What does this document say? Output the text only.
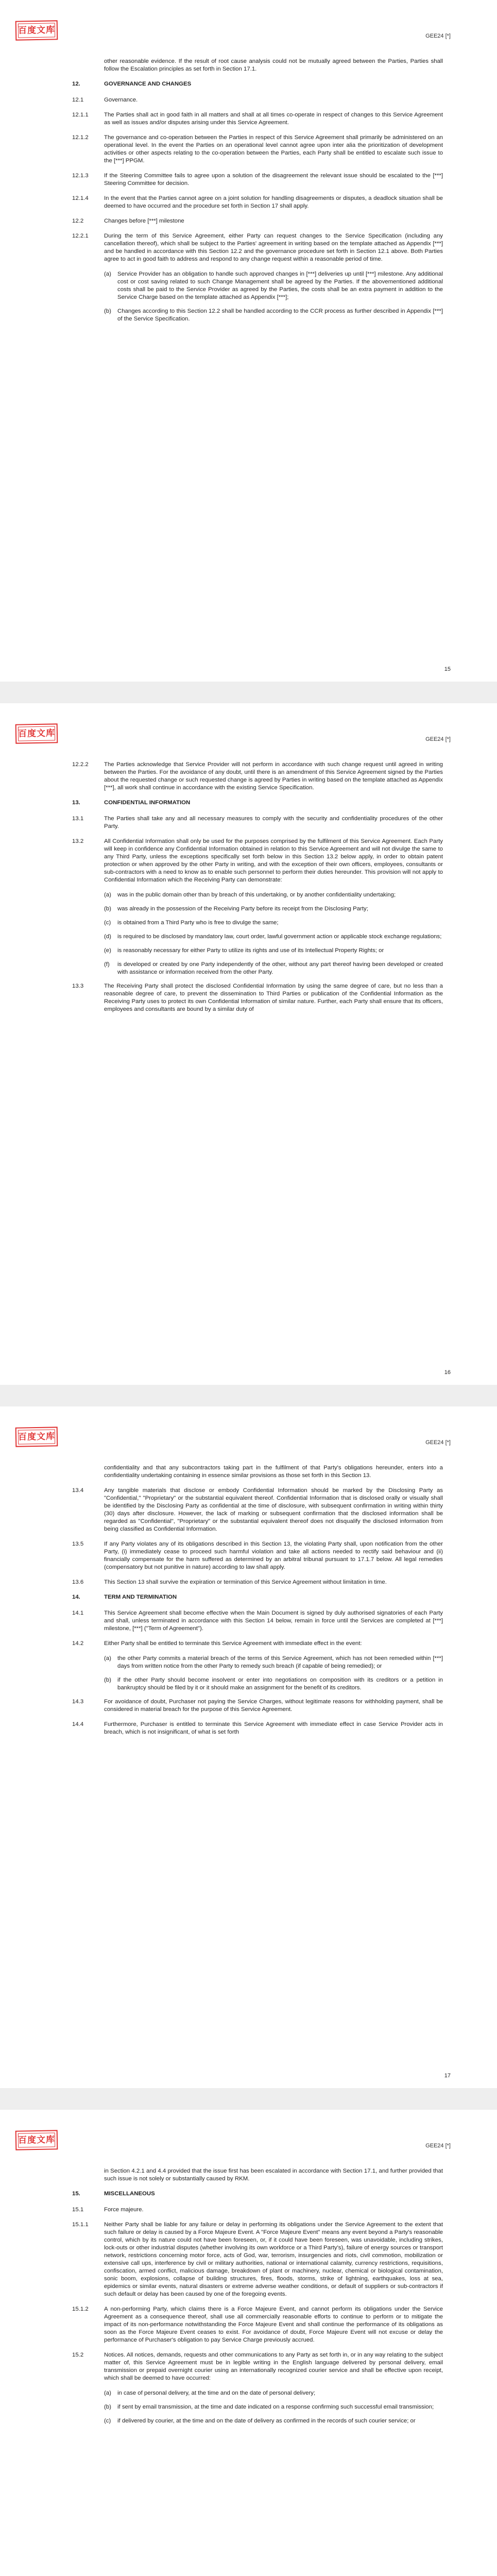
百度文库
GEE24 [*]
other reasonable evidence. If the result of root cause analysis could not be mutually agreed between the Parties, Parties shall follow the Escalation principles as set forth in Section 17.1.
12.	GOVERNANCE AND CHANGES
12.1	Governance.
12.1.1	The Parties shall act in good faith in all matters and shall at all times co-operate in respect of changes to this Service Agreement as well as issues and/or disputes arising under this Service Agreement.
12.1.2	The governance and co-operation between the Parties in respect of this Service Agreement shall primarily be administered on an operational level. In the event the Parties on an operational level cannot agree upon inter alia the prioritization of development activities or other aspects relating to the co-operation between the Parties, each Party shall be entitled to escalate such issue to the [***] PPGM.
12.1.3	If the Steering Committee fails to agree upon a solution of the disagreement the relevant issue should be escalated to the [***] Steering Committee for decision.
12.1.4	In the event that the Parties cannot agree on a joint solution for handling disagreements or disputes, a deadlock situation shall be deemed to have occurred and the procedure set forth in Section 17 shall apply.
12.2	Changes before [***] milestone
12.2.1	During the term of this Service Agreement, either Party can request changes to the Service Specification (including any cancellation thereof), which shall be subject to the Parties' agreement in writing based on the template attached as Appendix [***] and be handled in accordance with this Section 12.2 and the governance procedure set forth in Section 12.1 above. Both Parties agree to act in good faith to address and respond to any change request within a reasonable period of time.
(a)	Service Provider has an obligation to handle such approved changes in [***] deliveries up until [***] milestone. Any additional cost or cost saving related to such Change Management shall be agreed by the Parties. If the abovementioned additional costs shall be paid to the Service Provider as agreed by the Parties, the costs shall be an extra payment in addition to the Service Charge based on the template attached as Appendix [***];
(b)	Changes according to this Section 12.2 shall be handled according to the CCR process as further described in Appendix [***] of the Service Specification.
15
百度文库
GEE24 [*]
12.2.2	The Parties acknowledge that Service Provider will not perform in accordance with such change request until agreed in writing between the Parties. For the avoidance of any doubt, until there is an amendment of this Service Agreement signed by the Parties about the requested change or such requested change is agreed by Parties in writing based on the template attached as Appendix [***], all work shall continue in accordance with the existing Service Specification.
13.	CONFIDENTIAL INFORMATION
13.1	The Parties shall take any and all necessary measures to comply with the security and confidentiality procedures of the other Party.
13.2	All Confidential Information shall only be used for the purposes comprised by the fulfilment of this Service Agreement. Each Party will keep in confidence any Confidential Information obtained in relation to this Service Agreement and will not divulge the same to any Third Party, unless the exceptions specifically set forth below in this Section 13.2 below apply, in order to obtain patent protection or when approved by the other Party in writing, and with the exception of their own officers, employees, consultants or sub-contractors with a need to know as to enable such personnel to perform their duties hereunder. This provision will not apply to Confidential Information which the Receiving Party can demonstrate:
(a)	was in the public domain other than by breach of this undertaking, or by another confidentiality undertaking;
(b)	was already in the possession of the Receiving Party before its receipt from the Disclosing Party;
(c)	is obtained from a Third Party who is free to divulge the same;
(d)	is required to be disclosed by mandatory law, court order, lawful government action or applicable stock exchange regulations;
(e)	is reasonably necessary for either Party to utilize its rights and use of its Intellectual Property Rights; or
(f)	is developed or created by one Party independently of the other, without any part thereof having been developed or created with assistance or information received from the other Party.
13.3	The Receiving Party shall protect the disclosed Confidential Information by using the same degree of care, but no less than a reasonable degree of care, to prevent the dissemination to Third Parties or publication of the Confidential Information as the Receiving Party uses to protect its own Confidential Information of similar nature. Further, each Party shall ensure that its officers, employees and consultants are bound by a similar duty of
16
百度文库
GEE24 [*]
confidentiality and that any subcontractors taking part in the fulfilment of that Party's obligations hereunder, enters into a confidentiality undertaking containing in essence similar provisions as those set forth in this Section 13.
13.4	Any tangible materials that disclose or embody Confidential Information should be marked by the Disclosing Party as "Confidential," "Proprietary" or the substantial equivalent thereof. Confidential Information that is disclosed orally or visually shall be identified by the Disclosing Party as confidential at the time of disclosure, with subsequent confirmation in writing within thirty (30) days after disclosure. However, the lack of marking or subsequent confirmation that the disclosed information shall be regarded as "Confidential", "Proprietary" or the substantial equivalent thereof does not disqualify the disclosed information from being classified as Confidential Information.
13.5	If any Party violates any of its obligations described in this Section 13, the violating Party shall, upon notification from the other Party, (i) immediately cease to proceed such harmful violation and take all actions needed to rectify said behaviour and (ii) financially compensate for the harm suffered as determined by an arbitral tribunal pursuant to 17.1.7 below. All legal remedies (compensatory but not punitive in nature) according to law shall apply.
13.6	This Section 13 shall survive the expiration or termination of this Service Agreement without limitation in time.
14.	TERM AND TERMINATION
14.1	This Service Agreement shall become effective when the Main Document is signed by duly authorised signatories of each Party and shall, unless terminated in accordance with this Section 14 below, remain in force until the Services are completed at [***] milestone, [***] ("Term of Agreement").
14.2	Either Party shall be entitled to terminate this Service Agreement with immediate effect in the event:
(a)	the other Party commits a material breach of the terms of this Service Agreement, which has not been remedied within [***] days from written notice from the other Party to remedy such breach (if capable of being remedied); or
(b)	if the other Party should become insolvent or enter into negotiations on composition with its creditors or a petition in bankruptcy should be filed by it or it should make an assignment for the benefit of its creditors.
14.3	For avoidance of doubt, Purchaser not paying the Service Charges, without legitimate reasons for withholding payment, shall be considered in material breach for the purpose of this Service Agreement.
14.4	Furthermore, Purchaser is entitled to terminate this Service Agreement with immediate effect in case Service Provider acts in breach, which is not insignificant, of what is set forth
17
百度文库
GEE24 [*]
in Section 4.2.1 and 4.4 provided that the issue first has been escalated in accordance with Section 17.1, and further provided that such issue is not solely or substantially caused by RKM.
15.	MISCELLANEOUS
15.1	Force majeure.
15.1.1	Neither Party shall be liable for any failure or delay in performing its obligations under the Service Agreement to the extent that such failure or delay is caused by a Force Majeure Event. A "Force Majeure Event" means any event beyond a Party's reasonable control, which by its nature could not have been foreseen, or, if it could have been foreseen, was unavoidable, including strikes, lock-outs or other industrial disputes (whether involving its own workforce or a Third Party's), failure of energy sources or transport network, restrictions concerning motor force, acts of God, war, terrorism, insurgencies and riots, civil commotion, mobilization or extensive call ups, interference by civil or military authorities, national or international calamity, currency restrictions, requisitions, confiscation, armed conflict, malicious damage, breakdown of plant or machinery, nuclear, chemical or biological contamination, sonic boom, explosions, collapse of building structures, fires, floods, storms, strike of lightning, earthquakes, loss at sea, epidemics or similar events, natural disasters or extreme adverse weather conditions, or default of suppliers or sub-contractors if such default or delay has been caused by one of the foregoing events.
15.1.2	A non-performing Party, which claims there is a Force Majeure Event, and cannot perform its obligations under the Service Agreement as a consequence thereof, shall use all commercially reasonable efforts to continue to perform or to mitigate the impact of its non-performance notwithstanding the Force Majeure Event and shall continue the performance of its obligations as soon as the Force Majeure Event ceases to exist. For avoidance of doubt, Force Majeure Event will not excuse or delay the performance of Purchaser's obligation to pay Service Charge previously accrued.
15.2	Notices. All notices, demands, requests and other communications to any Party as set forth in, or in any way relating to the subject matter of, this Service Agreement must be in legible writing in the English language delivered by personal delivery, email transmission or prepaid overnight courier using an internationally recognized courier service and shall be effective upon receipt, which shall be deemed to have occurred:
(a)	in case of personal delivery, at the time and on the date of personal delivery;
(b)	if sent by email transmission, at the time and date indicated on a response confirming such successful email transmission;
(c)	if delivered by courier, at the time and on the date of delivery as confirmed in the records of such courier service; or
